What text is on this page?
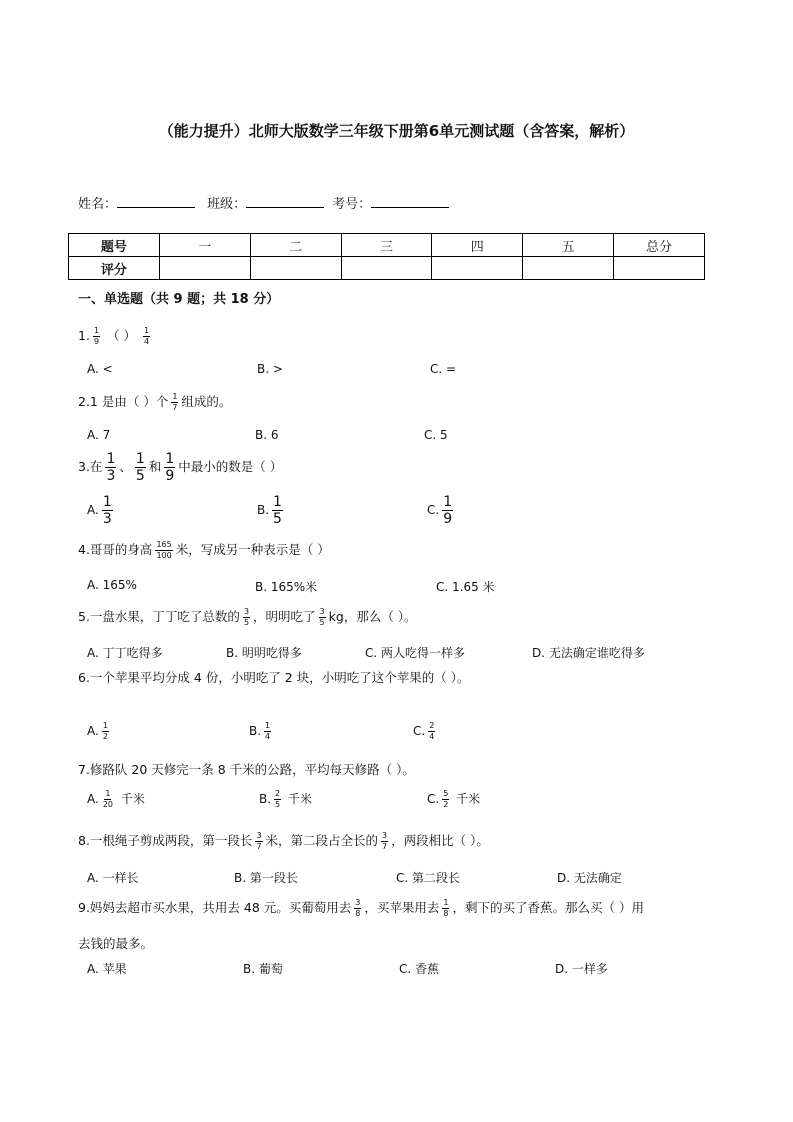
（能力提升）北师大版数学三年级下册第6单元测试题（含答案，解析）
姓名：	班级：	考号：
题号	一	二	三	四	五	总分
评分						
一、单选题（共 9 题；共 18 分）
1. $\frac{1}{9}$ （ ） $\frac{1}{4}$
A. <	B. >	C. =
2.1 是由（ ）个 $\frac{1}{7}$ 组成的。
A. 7	B. 6	C. 5
3.在 $\frac{1}{3}$ 、 $\frac{1}{5}$ 和 $\frac{1}{9}$ 中最小的数是（ ）
A. $\frac{1}{3}$	B. $\frac{1}{5}$	C. $\frac{1}{9}$
4.哥哥的身高 $\frac{165}{100}$ 米，写成另一种表示是（ ）
A. 165%	B. 165%米	C. 1.65 米
5.一盘水果，丁丁吃了总数的 $\frac{3}{5}$ ，明明吃了 $\frac{3}{5}$ kg，那么（ ）。
A. 丁丁吃得多	B. 明明吃得多	C. 两人吃得一样多	D. 无法确定谁吃得多
6.一个苹果平均分成 4 份，小明吃了 2 块，小明吃了这个苹果的（ ）。
A. $\frac{1}{2}$	B. $\frac{1}{4}$	C. $\frac{2}{4}$
7.修路队 20 天修完一条 8 千米的公路，平均每天修路（ ）。
A. $\frac{1}{20}$ 千米	B. $\frac{2}{5}$ 千米	C. $\frac{5}{2}$ 千米
8.一根绳子剪成两段，第一段长 $\frac{3}{7}$ 米，第二段占全长的 $\frac{3}{7}$ ，两段相比（ ）。
A. 一样长	B. 第一段长	C. 第二段长	D. 无法确定
9.妈妈去超市买水果，共用去 48 元。买葡萄用去 $\frac{3}{8}$ ，买苹果用去 $\frac{1}{8}$ ，剩下的买了香蕉。那么买（ ）用
去钱的最多。
A. 苹果	B. 葡萄	C. 香蕉	D. 一样多
